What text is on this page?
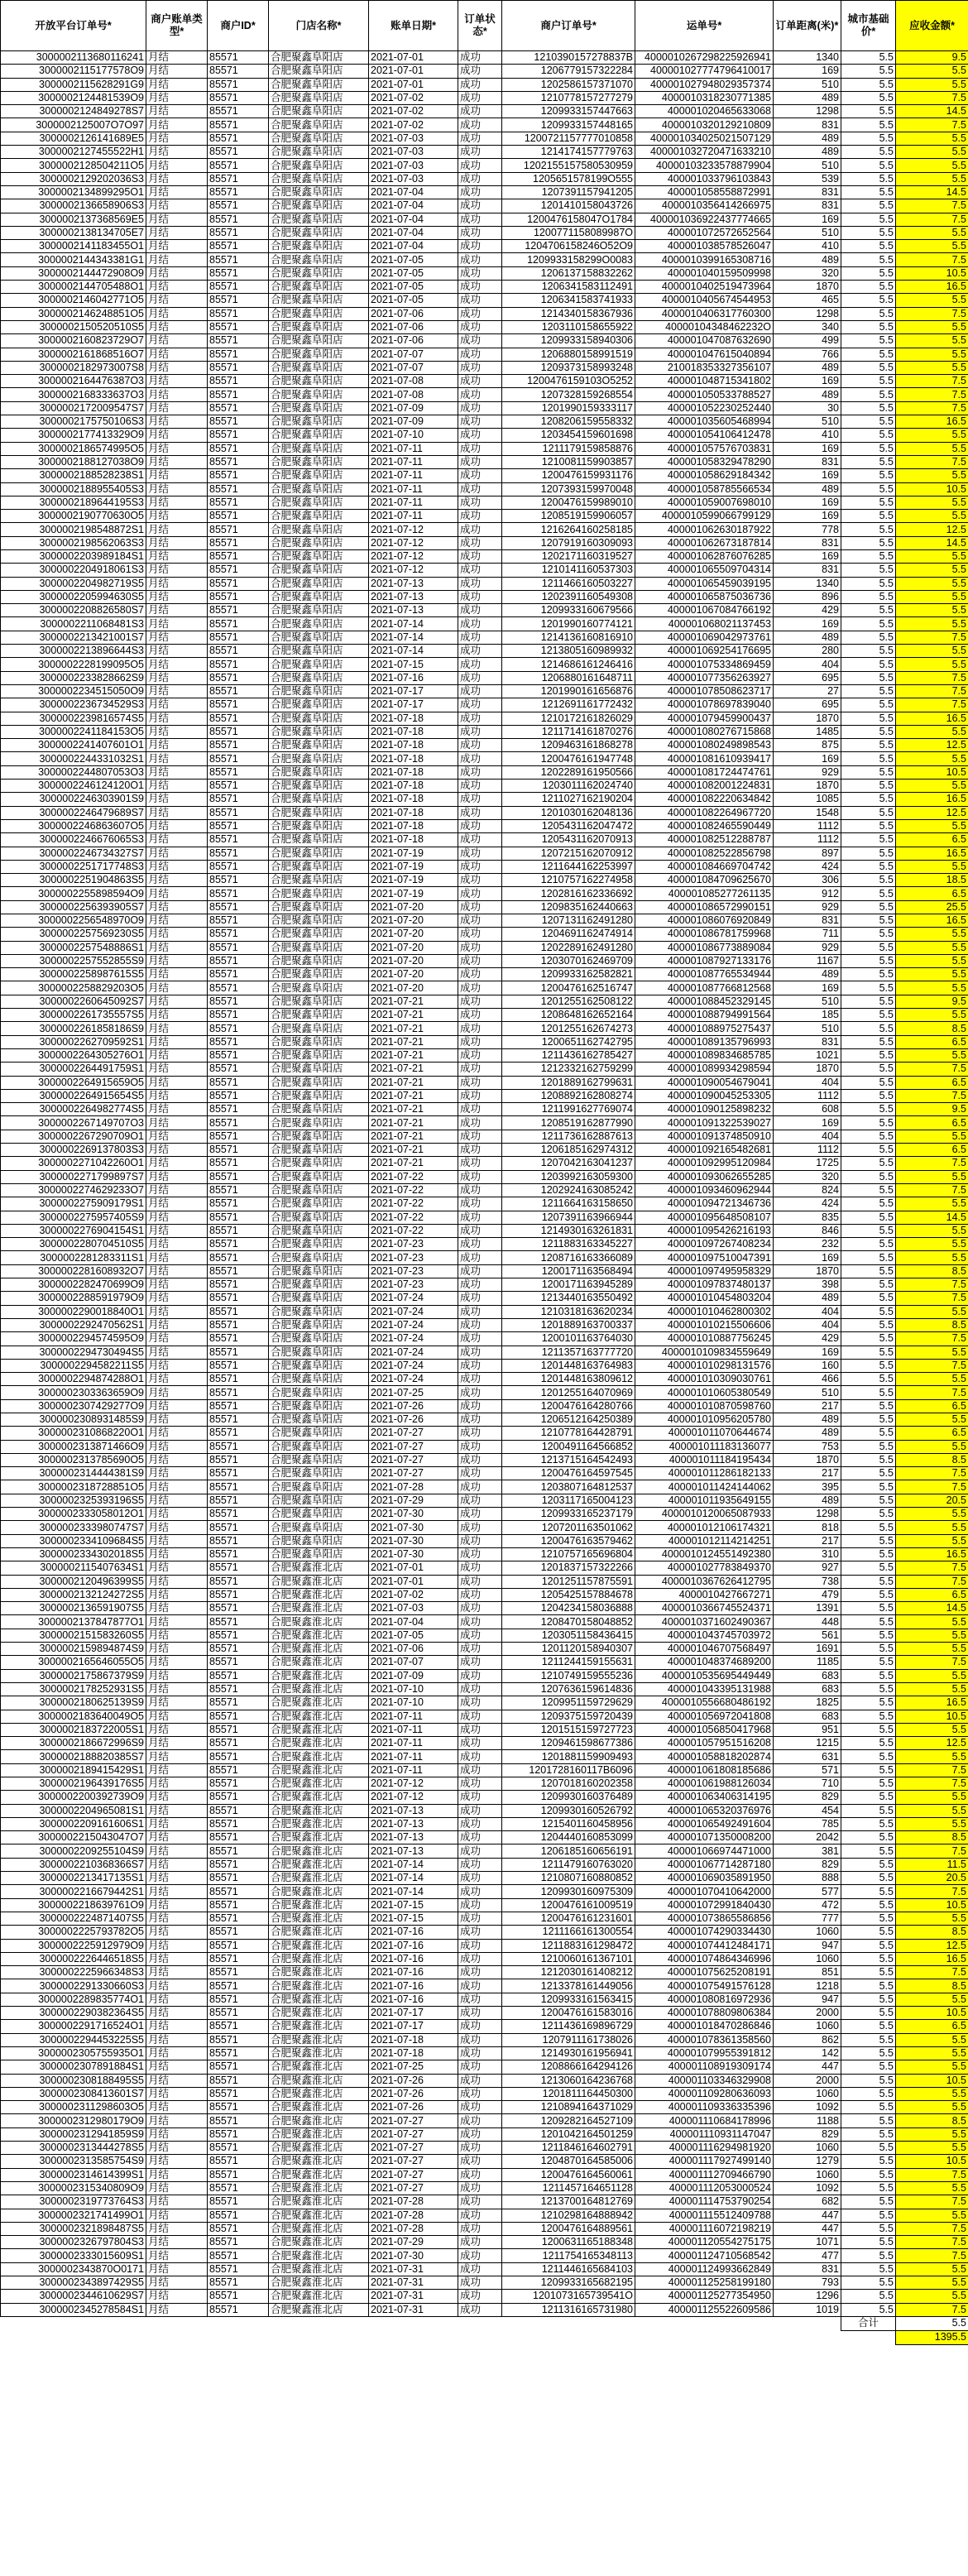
开放平台订单号*	商户账单类型*	商户ID*	门店名称*	账单日期*	订单状态*	商户订单号*	运单号*	订单距离(米)*	城市基础价*	应收金额*
3000002113680116241	月结	85571	合肥聚鑫阜阳店	2021-07-01	成功	1210390157278837B	4000010267298225926941	1340	5.5	9.5
3000002115177578O9	月结	85571	合肥聚鑫阜阳店	2021-07-01	成功	1206779157322284	400001027774796410017	169	5.5	5.5
3000002115628291G9	月结	85571	合肥聚鑫阜阳店	2021-07-01	成功	1202586157371070	400001027948029357374	510	5.5	5.5
3000002124481539O9	月结	85571	合肥聚鑫阜阳店	2021-07-02	成功	1210778157277279	4000010318230771385	489	5.5	7.5
3000002124849278S7	月结	85571	合肥聚鑫阜阳店	2021-07-02	成功	1209933157447663	400001020465633068	1298	5.5	14.5
3000002125007O7O97	月结	85571	合肥聚鑫阜阳店	2021-07-02	成功	1209933157448165	4000010320129210809	831	5.5	7.5
3000002126141689E5	月结	85571	合肥聚鑫阜阳店	2021-07-03	成功	1200721157777010858	400001034025021507129	489	5.5	5.5
3000002127455522H1	月结	85571	合肥聚鑫阜阳店	2021-07-03	成功	1214174157779763	400001032720471633210	489	5.5	5.5
3000002128504211O5	月结	85571	合肥聚鑫阜阳店	2021-07-03	成功	1202155157580530959	40000103233578879904	510	5.5	5.5
3000002129202036S3	月结	85571	合肥聚鑫阜阳店	2021-07-03	成功	1205651578199O555	400001033796103843	539	5.5	5.5
3000002134899295O1	月结	85571	合肥聚鑫阜阳店	2021-07-04	成功	1207391157941205	400001058558872991	831	5.5	14.5
3000002136658906S3	月结	85571	合肥聚鑫阜阳店	2021-07-04	成功	1201410158043726	4000010356414266975	831	5.5	7.5
3000002137368569E5	月结	85571	合肥聚鑫阜阳店	2021-07-04	成功	1200476158047O1784	400001036922437774665	169	5.5	7.5
3000002138134705E7	月结	85571	合肥聚鑫阜阳店	2021-07-04	成功	1200771158089987O	400001072572652564	510	5.5	5.5
3000002141183455O1	月结	85571	合肥聚鑫阜阳店	2021-07-04	成功	1204706158246O52O9	400001038578526047	410	5.5	5.5
3000002144343381G1	月结	85571	合肥聚鑫阜阳店	2021-07-05	成功	1209933158299O0083	4000010399165308716	489	5.5	7.5
3000002144472908O9	月结	85571	合肥聚鑫阜阳店	2021-07-05	成功	1206137158832262	400001040159509998	320	5.5	10.5
3000002144705488O1	月结	85571	合肥聚鑫阜阳店	2021-07-05	成功	1206341583112491	4000010402519473964	1870	5.5	16.5
3000002146042771O5	月结	85571	合肥聚鑫阜阳店	2021-07-05	成功	1206341583741933	4000010405674544953	465	5.5	5.5
3000002146248851O5	月结	85571	合肥聚鑫阜阳店	2021-07-06	成功	1214340158367936	4000010406317760300	1298	5.5	7.5
3000002150520510S5	月结	85571	合肥聚鑫阜阳店	2021-07-06	成功	1203110158655922	40000104348462232O	340	5.5	5.5
3000002160823729O7	月结	85571	合肥聚鑫阜阳店	2021-07-06	成功	1209933158940306	400001047087632690	499	5.5	5.5
3000002161868516O7	月结	85571	合肥聚鑫阜阳店	2021-07-07	成功	1206880158991519	400001047615040894	766	5.5	5.5
3000002182973007S8	月结	85571	合肥聚鑫阜阳店	2021-07-07	成功	1209373158993248	210018353327356107	489	5.5	5.5
3000002164476387O3	月结	85571	合肥聚鑫阜阳店	2021-07-08	成功	1200476159103O5252	400001048715341802	169	5.5	7.5
3000002168333637O3	月结	85571	合肥聚鑫阜阳店	2021-07-08	成功	1207328159268554	400001050533788527	489	5.5	7.5
3000002172009547S7	月结	85571	合肥聚鑫阜阳店	2021-07-09	成功	1201990159333117	400001052230252440	30	5.5	7.5
3000002175750106S3	月结	85571	合肥聚鑫阜阳店	2021-07-09	成功	1208206159558332	400001035605468994	510	5.5	16.5
3000002177413329O9	月结	85571	合肥聚鑫阜阳店	2021-07-10	成功	1203454159601698	400001054106412478	410	5.5	5.5
3000002186574995O5	月结	85571	合肥聚鑫阜阳店	2021-07-11	成功	1211179159858876	400001057576703831	169	5.5	5.5
3000002188127038O9	月结	85571	合肥聚鑫阜阳店	2021-07-11	成功	1210081159903857	400001058329478290	831	5.5	7.5
3000002188528238S1	月结	85571	合肥聚鑫阜阳店	2021-07-11	成功	1200476159931176	400001058629184342	169	5.5	5.5
3000002188955405S3	月结	85571	合肥聚鑫阜阳店	2021-07-11	成功	1207393159970048	400001058785566534	489	5.5	10.5
3000002189644195S3	月结	85571	合肥聚鑫阜阳店	2021-07-11	成功	1200476159989010	400001059007698010	169	5.5	5.5
3000002190770630O5	月结	85571	合肥聚鑫阜阳店	2021-07-11	成功	1208519159906057	4000010599066799129	169	5.5	5.5
3000002198548872S1	月结	85571	合肥聚鑫阜阳店	2021-07-12	成功	1216264160258185	400001062630187922	778	5.5	12.5
3000002198562063S3	月结	85571	合肥聚鑫阜阳店	2021-07-12	成功	1207919160309093	400001062673187814	831	5.5	14.5
3000002203989184S1	月结	85571	合肥聚鑫阜阳店	2021-07-12	成功	1202171160319527	400001062876076285	169	5.5	5.5
3000002204918061S3	月结	85571	合肥聚鑫阜阳店	2021-07-12	成功	1210141160537303	400001065509704314	831	5.5	5.5
3000002204982719S5	月结	85571	合肥聚鑫阜阳店	2021-07-13	成功	1211466160503227	400001065459039195	1340	5.5	5.5
3000002205994630S5	月结	85571	合肥聚鑫阜阳店	2021-07-13	成功	1202391160549308	400001065875036736	896	5.5	5.5
3000002208826580S7	月结	85571	合肥聚鑫阜阳店	2021-07-13	成功	1209933160679566	400001067084766192	429	5.5	5.5
3000002211068481S3	月结	85571	合肥聚鑫阜阳店	2021-07-14	成功	1201990160774121	400001068021137453	169	5.5	5.5
3000002213421001S7	月结	85571	合肥聚鑫阜阳店	2021-07-14	成功	1214136160816910	400001069042973761	489	5.5	7.5
3000002213896644S3	月结	85571	合肥聚鑫阜阳店	2021-07-14	成功	1213805160989932	400001069254176695	280	5.5	5.5
3000002228199095O5	月结	85571	合肥聚鑫阜阳店	2021-07-15	成功	1214686161246416	400001075334869459	404	5.5	5.5
3000002233828662S9	月结	85571	合肥聚鑫阜阳店	2021-07-16	成功	1206880161648711	400001077356263927	695	5.5	7.5
3000002234515050O9	月结	85571	合肥聚鑫阜阳店	2021-07-17	成功	1201990161656876	400001078508623717	27	5.5	7.5
3000002236734529S3	月结	85571	合肥聚鑫阜阳店	2021-07-17	成功	1212691161772432	400001078697839040	695	5.5	7.5
3000002239816574S5	月结	85571	合肥聚鑫阜阳店	2021-07-18	成功	1210172161826029	400001079459900437	1870	5.5	16.5
3000002241184153O5	月结	85571	合肥聚鑫阜阳店	2021-07-18	成功	1211714161870276	400001080276715868	1485	5.5	5.5
3000002241407601O1	月结	85571	合肥聚鑫阜阳店	2021-07-18	成功	1209463161868278	400001080249898543	875	5.5	12.5
3000002244331032S1	月结	85571	合肥聚鑫阜阳店	2021-07-18	成功	1200476161947748	400001081610939417	169	5.5	5.5
3000002244807053O3	月结	85571	合肥聚鑫阜阳店	2021-07-18	成功	1202289161950566	400001081724474761	929	5.5	10.5
3000002246124120O1	月结	85571	合肥聚鑫阜阳店	2021-07-18	成功	1203011162024740	400001082001224831	1870	5.5	5.5
3000002246303901S9	月结	85571	合肥聚鑫阜阳店	2021-07-18	成功	1211027162190204	400001082220634842	1085	5.5	16.5
3000002246479689S7	月结	85571	合肥聚鑫阜阳店	2021-07-18	成功	1201030162048136	400001082264967720	1548	5.5	12.5
3000002246863607O5	月结	85571	合肥聚鑫阜阳店	2021-07-18	成功	1205431162047472	400001082465590449	1112	5.5	5.5
3000002246676065S3	月结	85571	合肥聚鑫阜阳店	2021-07-18	成功	1205431162070913	400001082512288787	1112	5.5	6.5
3000002246734327S7	月结	85571	合肥聚鑫阜阳店	2021-07-19	成功	1207215162070912	400001082522856798	897	5.5	16.5
3000002251717748S3	月结	85571	合肥聚鑫阜阳店	2021-07-19	成功	1211644162253997	400001084669704742	424	5.5	5.5
3000002251904863S5	月结	85571	合肥聚鑫阜阳店	2021-07-19	成功	1210757162274958	400001084709625670	306	5.5	18.5
3000002255898594O9	月结	85571	合肥聚鑫阜阳店	2021-07-19	成功	1202816162336692	400001085277261135	912	5.5	6.5
3000002256393905S7	月结	85571	合肥聚鑫阜阳店	2021-07-20	成功	1209835162440663	400001086572990151	929	5.5	25.5
3000002256548970O9	月结	85571	合肥聚鑫阜阳店	2021-07-20	成功	1207131162491280	400001086076920849	831	5.5	16.5
3000002257569230S5	月结	85571	合肥聚鑫阜阳店	2021-07-20	成功	1204691162474914	400001086781759968	711	5.5	5.5
3000002257548886S1	月结	85571	合肥聚鑫阜阳店	2021-07-20	成功	1202289162491280	400001086773889084	929	5.5	5.5
3000002257552855S9	月结	85571	合肥聚鑫阜阳店	2021-07-20	成功	1203070162469709	400001087927133176	1167	5.5	5.5
3000002258987615S5	月结	85571	合肥聚鑫阜阳店	2021-07-20	成功	1209933162582821	400001087765534944	489	5.5	5.5
3000002258829203O5	月结	85571	合肥聚鑫阜阳店	2021-07-20	成功	1200476162516747	400001087766812568	169	5.5	5.5
3000002260645092S7	月结	85571	合肥聚鑫阜阳店	2021-07-21	成功	1201255162508122	400001088452329145	510	5.5	9.5
3000002261735557S5	月结	85571	合肥聚鑫阜阳店	2021-07-21	成功	1208648162652164	400001088794991564	185	5.5	5.5
3000002261858186S9	月结	85571	合肥聚鑫阜阳店	2021-07-21	成功	1201255162674273	400001088975275437	510	5.5	8.5
3000002262709592S1	月结	85571	合肥聚鑫阜阳店	2021-07-21	成功	1200651162742795	400001089135796993	831	5.5	6.5
3000002264305276O1	月结	85571	合肥聚鑫阜阳店	2021-07-21	成功	1211436162785427	400001089834685785	1021	5.5	5.5
3000002264491759S1	月结	85571	合肥聚鑫阜阳店	2021-07-21	成功	1212332162759299	400001089934298594	1870	5.5	7.5
3000002264915659O5	月结	85571	合肥聚鑫阜阳店	2021-07-21	成功	1201889162799631	400001090054679041	404	5.5	6.5
3000002264915654S5	月结	85571	合肥聚鑫阜阳店	2021-07-21	成功	1208892162808274	400001090045253305	1112	5.5	7.5
3000002264982774S5	月结	85571	合肥聚鑫阜阳店	2021-07-21	成功	1211991627769074	400001090125898232	608	5.5	9.5
3000002267149707O3	月结	85571	合肥聚鑫阜阳店	2021-07-21	成功	1208519162877990	400001091322539027	169	5.5	6.5
3000002267290709O1	月结	85571	合肥聚鑫阜阳店	2021-07-21	成功	1211736162887613	400001091374850910	404	5.5	5.5
3000002269137803S3	月结	85571	合肥聚鑫阜阳店	2021-07-21	成功	1206185162974312	400001092165482681	1112	5.5	6.5
3000002271042260O1	月结	85571	合肥聚鑫阜阳店	2021-07-21	成功	1207042163041237	400001092995120984	1725	5.5	7.5
3000002271799897S7	月结	85571	合肥聚鑫阜阳店	2021-07-22	成功	1203992163059300	400001093062655285	320	5.5	5.5
3000002274629233O7	月结	85571	合肥聚鑫阜阳店	2021-07-22	成功	1202924163085242	400001093460962944	824	5.5	7.5
3000002275909179S1	月结	85571	合肥聚鑫阜阳店	2021-07-22	成功	1211664163158650	400001094721346736	424	5.5	5.5
3000002275957405S9	月结	85571	合肥聚鑫阜阳店	2021-07-22	成功	1207391163966944	400001095648508107	835	5.5	14.5
3000002276904154S1	月结	85571	合肥聚鑫阜阳店	2021-07-22	成功	1214930163261831	400001095426216193	846	5.5	5.5
3000002280704510S5	月结	85571	合肥聚鑫阜阳店	2021-07-23	成功	1211883163345227	400001097267408234	232	5.5	5.5
3000002281283311S1	月结	85571	合肥聚鑫阜阳店	2021-07-23	成功	1208716163366089	400001097510047391	169	5.5	5.5
3000002281608932O7	月结	85571	合肥聚鑫阜阳店	2021-07-23	成功	1200171163568494	400001097495958329	1870	5.5	8.5
3000002282470699O9	月结	85571	合肥聚鑫阜阳店	2021-07-23	成功	1200171163945289	400001097837480137	398	5.5	7.5
3000002288591979O9	月结	85571	合肥聚鑫阜阳店	2021-07-24	成功	1213440163550492	400001010454803204	489	5.5	7.5
3000002290018840O1	月结	85571	合肥聚鑫阜阳店	2021-07-24	成功	1210318163620234	400001010462800302	404	5.5	5.5
3000002292470562S1	月结	85571	合肥聚鑫阜阳店	2021-07-24	成功	1201889163700337	400001010215506606	404	5.5	8.5
3000002294574595O9	月结	85571	合肥聚鑫阜阳店	2021-07-24	成功	1200101163764030	400001010887756245	429	5.5	7.5
3000002294730494S5	月结	85571	合肥聚鑫阜阳店	2021-07-24	成功	1211357163777720	4000010109834559649	169	5.5	5.5
3000002294582211S5	月结	85571	合肥聚鑫阜阳店	2021-07-24	成功	1201448163764983	400001010298131576	160	5.5	7.5
3000002294874288O1	月结	85571	合肥聚鑫阜阳店	2021-07-24	成功	1201448163809612	400001010309030761	466	5.5	5.5
3000002303363659O9	月结	85571	合肥聚鑫阜阳店	2021-07-25	成功	1201255164070969	400001010605380549	510	5.5	7.5
3000002307429277O9	月结	85571	合肥聚鑫阜阳店	2021-07-26	成功	1200476164280766	400001010870598760	217	5.5	6.5
3000002308931485S9	月结	85571	合肥聚鑫阜阳店	2021-07-26	成功	1206512164250389	400001010956205780	489	5.5	5.5
3000002310868220O1	月结	85571	合肥聚鑫阜阳店	2021-07-27	成功	1210778164428791	400001011070644674	489	5.5	6.5
3000002313871466O9	月结	85571	合肥聚鑫阜阳店	2021-07-27	成功	1200491164566852	400001011183136077	753	5.5	5.5
3000002313785690O5	月结	85571	合肥聚鑫阜阳店	2021-07-27	成功	1213715164542493	400001011184195434	1870	5.5	8.5
3000002314444381S9	月结	85571	合肥聚鑫阜阳店	2021-07-27	成功	1200476164597545	400001011286182133	217	5.5	7.5
3000002318728851O5	月结	85571	合肥聚鑫阜阳店	2021-07-28	成功	1203807164812537	400001011424144062	395	5.5	7.5
3000002325393196S5	月结	85571	合肥聚鑫阜阳店	2021-07-29	成功	1203117165004123	400001011935649155	489	5.5	20.5
3000002333058012O1	月结	85571	合肥聚鑫阜阳店	2021-07-30	成功	1209933165237179	4000010120065087933	1298	5.5	5.5
3000002333980747S7	月结	85571	合肥聚鑫阜阳店	2021-07-30	成功	1207201163501062	400001012106174321	818	5.5	5.5
3000002334109684S5	月结	85571	合肥聚鑫阜阳店	2021-07-30	成功	1200476163579462	400001012114214251	217	5.5	5.5
3000002334302018S5	月结	85571	合肥聚鑫阜阳店	2021-07-30	成功	1210757165696804	4000010124551492380	310	5.5	16.5
3000002115407634S1	月结	85571	合肥聚鑫淮北店	2021-07-01	成功	1201837157322266	400001027783849370	927	5.5	7.5
3000002120496399S5	月结	85571	合肥聚鑫淮北店	2021-07-01	成功	1201251157875591	4000010367626412795	738	5.5	7.5
3000002132124272S5	月结	85571	合肥聚鑫淮北店	2021-07-02	成功	1205425157884678	4000010427667271	479	5.5	6.5
3000002136591907S5	月结	85571	合肥聚鑫淮北店	2021-07-03	成功	1204234158036888	4000010366745524371	1391	5.5	14.5
3000002137847877O1	月结	85571	合肥聚鑫淮北店	2021-07-04	成功	1208470158048852	4000010371602490367	448	5.5	5.5
3000002151583260S5	月结	85571	合肥聚鑫淮北店	2021-07-05	成功	1203051158436415	400001043745703972	561	5.5	5.5
3000002159894874S9	月结	85571	合肥聚鑫淮北店	2021-07-06	成功	1201120158940307	400001046707568497	1691	5.5	5.5
3000002165646055O5	月结	85571	合肥聚鑫淮北店	2021-07-07	成功	1211244159155631	400001048374689200	1185	5.5	7.5
3000002175867379S9	月结	85571	合肥聚鑫淮北店	2021-07-09	成功	1210749159555236	4000010535695449449	683	5.5	5.5
3000002178252931S5	月结	85571	合肥聚鑫淮北店	2021-07-10	成功	1207636159614836	400001043395131988	683	5.5	5.5
3000002180625139S9	月结	85571	合肥聚鑫淮北店	2021-07-10	成功	1209951159729629	4000010556680486192	1825	5.5	16.5
3000002183640049O5	月结	85571	合肥聚鑫淮北店	2021-07-11	成功	1209375159720439	400001056972041808	683	5.5	10.5
3000002183722005S1	月结	85571	合肥聚鑫淮北店	2021-07-11	成功	1201515159727723	400001056850417968	951	5.5	5.5
3000002186672996S9	月结	85571	合肥聚鑫淮北店	2021-07-11	成功	1209461598677386	400001057951516208	1215	5.5	12.5
3000002188820385S7	月结	85571	合肥聚鑫淮北店	2021-07-11	成功	1201881159909493	400001058818202874	631	5.5	5.5
3000002189415429S1	月结	85571	合肥聚鑫淮北店	2021-07-11	成功	1201728160117B6096	400001061808185686	571	5.5	7.5
3000002196439176S5	月结	85571	合肥聚鑫淮北店	2021-07-12	成功	1207018160202358	400001061988126034	710	5.5	7.5
3000002200392739O9	月结	85571	合肥聚鑫淮北店	2021-07-12	成功	1209930160376489	400001063406314195	829	5.5	5.5
3000002204965081S1	月结	85571	合肥聚鑫淮北店	2021-07-13	成功	1209930160526792	400001065320376976	454	5.5	5.5
3000002209161606S1	月结	85571	合肥聚鑫淮北店	2021-07-13	成功	1215401160458956	400001065492491604	785	5.5	5.5
3000002215043047O7	月结	85571	合肥聚鑫淮北店	2021-07-13	成功	1204440160853099	400001071350008200	2042	5.5	8.5
3000002209255104S9	月结	85571	合肥聚鑫淮北店	2021-07-13	成功	1206185160656191	400001066974471000	381	5.5	7.5
3000002210368366S7	月结	85571	合肥聚鑫淮北店	2021-07-14	成功	1211479160763020	400001067714287180	829	5.5	11.5
3000002213417135S1	月结	85571	合肥聚鑫淮北店	2021-07-14	成功	1210807160880852	400001069035891950	888	5.5	20.5
3000002216679442S1	月结	85571	合肥聚鑫淮北店	2021-07-14	成功	1209930160975309	400001070410642000	577	5.5	7.5
3000002218639761O9	月结	85571	合肥聚鑫淮北店	2021-07-15	成功	1200476161009519	400001072991840430	472	5.5	10.5
3000002224871407S5	月结	85571	合肥聚鑫淮北店	2021-07-15	成功	1200476161231601	400001073865586856	777	5.5	5.5
3000002225793782O5	月结	85571	合肥聚鑫淮北店	2021-07-16	成功	1211166161300554	400001074290334430	1060	5.5	8.5
3000002225912979O9	月结	85571	合肥聚鑫淮北店	2021-07-16	成功	1211883161298472	400001074412484171	947	5.5	12.5
3000002226446518S5	月结	85571	合肥聚鑫淮北店	2021-07-16	成功	1210060161367101	400001074864346996	1060	5.5	16.5
3000002225966348S3	月结	85571	合肥聚鑫淮北店	2021-07-16	成功	1212030161408212	400001075625208191	851	5.5	7.5
3000002291330660S3	月结	85571	合肥聚鑫淮北店	2021-07-16	成功	1213378161449056	400001075491576128	1218	5.5	8.5
3000002289835774O1	月结	85571	合肥聚鑫淮北店	2021-07-16	成功	1209933161563415	400001080816972936	947	5.5	5.5
3000002290382364S5	月结	85571	合肥聚鑫淮北店	2021-07-17	成功	1200476161583016	400001078809806384	2000	5.5	10.5
3000002291716524O1	月结	85571	合肥聚鑫淮北店	2021-07-17	成功	1211436169896729	400001018470286846	1060	5.5	6.5
3000002294453225S5	月结	85571	合肥聚鑫淮北店	2021-07-18	成功	1207911161738026	400001078361358560	862	5.5	5.5
3000002305755935O1	月结	85571	合肥聚鑫淮北店	2021-07-18	成功	1214930161956941	400001079955391812	142	5.5	5.5
3000002307891884S1	月结	85571	合肥聚鑫淮北店	2021-07-25	成功	1208866164294126	400001108919309174	447	5.5	5.5
3000002308188495S5	月结	85571	合肥聚鑫淮北店	2021-07-26	成功	1213060164236768	400001103346329908	2000	5.5	10.5
3000002308413601S7	月结	85571	合肥聚鑫淮北店	2021-07-26	成功	1201811164450300	400001109280636093	1060	5.5	5.5
3000002311298603O5	月结	85571	合肥聚鑫淮北店	2021-07-26	成功	1210894164371029	400001109336335396	1092	5.5	5.5
3000002312980179O9	月结	85571	合肥聚鑫淮北店	2021-07-27	成功	1209282164527109	400001110684178996	1188	5.5	8.5
3000002312941859S9	月结	85571	合肥聚鑫淮北店	2021-07-27	成功	1201042164501259	400001110931147047	829	5.5	5.5
3000002313444278S5	月结	85571	合肥聚鑫淮北店	2021-07-27	成功	1211846164602791	400001116294981920	1060	5.5	5.5
3000002313585754S9	月结	85571	合肥聚鑫淮北店	2021-07-27	成功	1204870164585006	400001117927499140	1279	5.5	10.5
3000002314614399S1	月结	85571	合肥聚鑫淮北店	2021-07-27	成功	1200476164560061	400001112709466790	1060	5.5	7.5
3000002315340809O9	月结	85571	合肥聚鑫淮北店	2021-07-27	成功	1211457164651128	400001112053000524	1092	5.5	5.5
3000002319773764S3	月结	85571	合肥聚鑫淮北店	2021-07-28	成功	1213700164812769	400001114753790254	682	5.5	7.5
3000002321741499O1	月结	85571	合肥聚鑫淮北店	2021-07-28	成功	1210298164888942	400001115512409788	447	5.5	5.5
3000002321898487S5	月结	85571	合肥聚鑫淮北店	2021-07-28	成功	1200476164889561	400001116072198219	447	5.5	7.5
3000002326797804S3	月结	85571	合肥聚鑫淮北店	2021-07-29	成功	1200631165188348	400001120554275175	1071	5.5	7.5
3000002333015609S1	月结	85571	合肥聚鑫淮北店	2021-07-30	成功	1211754165348113	400001124710568542	477	5.5	7.5
3000002343870O0171	月结	85571	合肥聚鑫淮北店	2021-07-31	成功	1211446165684103	400001124993662849	831	5.5	5.5
3000002343897429S5	月结	85571	合肥聚鑫淮北店	2021-07-31	成功	1209933165682195	400001125258199180	793	5.5	5.5
3000002344610629S7	月结	85571	合肥聚鑫淮北店	2021-07-31	成功	1201073165739541O	400001125277354950	1296	5.5	5.5
3000002345278584S1	月结	85571	合肥聚鑫淮北店	2021-07-31	成功	1211316165731980	400001125522609586	1019	5.5	7.5
									合计	5.5
										1395.5
